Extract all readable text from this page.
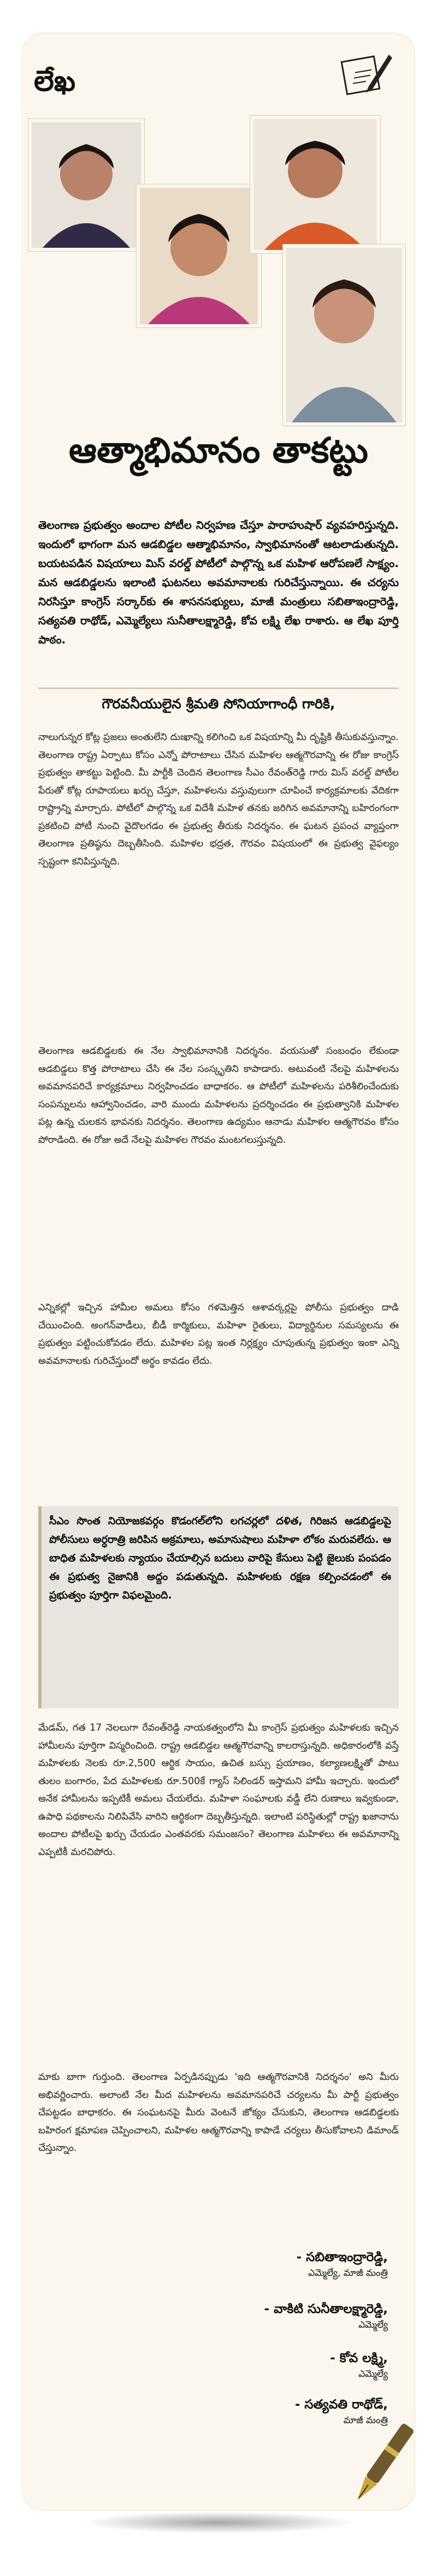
లేఖ
ఆత్మాభిమానం తాకట్టు
తెలంగాణ ప్రభుత్వం అందాల పోటీల నిర్వహణ చేస్తూ పారాహుషార్‌ వ్యవహరిస్తున్నది. ఇందులో భాగంగా మన ఆడబిడ్డల ఆత్మాభిమానం, స్వాభిమానంతో ఆటలాడుతున్నది. బయటపడిన విషయాలు మిస్‌ వరల్డ్‌ పోటీలో పాల్గొన్న ఒక మహిళ ఆరోపణలే సాక్ష్యం. మన ఆడబిడ్డలను ఇలాంటి ఘటనలు అవమానాలకు గురిచేస్తున్నాయి. ఈ చర్యను నిరసిస్తూ కాంగ్రెస్‌ సర్కార్‌కు ఈ శాసనసభ్యులు, మాజీ మంత్రులు సబితాఇంద్రారెడ్డి, సత్యవతి రాథోడ్‌, ఎమ్మెల్యేలు సునీతాలక్ష్మారెడ్డి, కోవ లక్ష్మి లేఖ రాశారు. ఆ లేఖ పూర్తి పాఠం.
గౌరవనీయులైన శ్రీమతి సోనియాగాంధీ గారికి,
నాలుగున్నర కోట్ల ప్రజలు అంతులేని దుఃఖాన్ని కలిగించి ఒక విషయాన్ని మీ దృష్టికి తీసుకువస్తున్నాం. తెలంగాణ రాష్ట్ర ఏర్పాటు కోసం ఎన్నో పోరాటాలు చేసిన మహిళల ఆత్మగౌరవాన్ని ఈ రోజు కాంగ్రెస్‌ ప్రభుత్వం తాకట్టు పెట్టింది. మీ పార్టీకి చెందిన తెలంగాణ సీఎం రేవంత్‌రెడ్డి గారు మిస్‌ వరల్డ్‌ పోటీల పేరుతో కోట్ల రూపాయలు ఖర్చు చేస్తూ, మహిళలను వస్తువులుగా చూపించే కార్యక్రమాలకు వేదికగా రాష్ట్రాన్ని మార్చారు. పోటీలో పాల్గొన్న ఒక విదేశీ మహిళ తనకు జరిగిన అవమానాన్ని బహిరంగంగా ప్రకటించి పోటీ నుంచి వైదొలగడం ఈ ప్రభుత్వ తీరుకు నిదర్శనం. ఈ ఘటన ప్రపంచ వ్యాప్తంగా తెలంగాణ ప్రతిష్ఠను దెబ్బతీసింది. మహిళల భద్రత, గౌరవం విషయంలో ఈ ప్రభుత్వ వైఫల్యం స్పష్టంగా కనిపిస్తున్నది.
తెలంగాణ ఆడబిడ్డలకు ఈ నేల స్వాభిమానానికి నిదర్శనం. వయసుతో సంబంధం లేకుండా ఆడబిడ్డలు కొత్త పోరాటాలు చేసి ఈ నేల సంస్కృతిని కాపాడారు. అటువంటి నేలపై మహిళలను అవమానపరిచే కార్యక్రమాలు నిర్వహించడం బాధాకరం. ఆ పోటీలో మహిళలను పరిశీలించేందుకు సంపన్నులను ఆహ్వానించడం, వారి ముందు మహిళలను ప్రదర్శించడం ఈ ప్రభుత్వానికి మహిళల పట్ల ఉన్న చులకన భావనకు నిదర్శనం. తెలంగాణ ఉద్యమం ఆనాడు మహిళల ఆత్మగౌరవం కోసం పోరాడింది. ఈ రోజు అదే నేలపై మహిళల గౌరవం మంటగలుస్తున్నది.
ఎన్నికల్లో ఇచ్చిన హామీల అమలు కోసం గళమెత్తిన ఆశావర్కర్లపై పోలీసు ప్రభుత్వం దాడి చేయించింది. అంగన్‌వాడీలు, బీడీ కార్మికులు, మహిళా రైతులు, విద్యార్థినుల సమస్యలను ఈ ప్రభుత్వం పట్టించుకోవడం లేదు. మహిళల పట్ల ఇంత నిర్లక్ష్యం చూపుతున్న ప్రభుత్వం ఇంకా ఎన్ని అవమానాలకు గురిచేస్తుందో అర్థం కావడం లేదు.
సీఎం సొంత నియోజకవర్గం కొడంగల్‌లోని లగచర్లలో దళిత, గిరిజన ఆడబిడ్డలపై పోలీసులు అర్ధరాత్రి జరిపిన అక్రమాలు, అమానుషాలు మహిళా లోకం మరువలేదు. ఆ బాధిత మహిళలకు న్యాయం చేయాల్సిన బదులు వారిపై కేసులు పెట్టి జైలుకు పంపడం ఈ ప్రభుత్వ నైజానికి అద్దం పడుతున్నది. మహిళలకు రక్షణ కల్పించడంలో ఈ ప్రభుత్వం పూర్తిగా విఫలమైంది.
మేడమ్‌, గత 17 నెలలుగా రేవంత్‌రెడ్డి నాయకత్వంలోని మీ కాంగ్రెస్‌ ప్రభుత్వం మహిళలకు ఇచ్చిన హామీలను పూర్తిగా విస్మరించింది. రాష్ట్ర ఆడబిడ్డల ఆత్మగౌరవాన్ని కాలరాస్తున్నది. అధికారంలోకి వస్తే మహిళలకు నెలకు రూ.2,500 ఆర్థిక సాయం, ఉచిత బస్సు ప్రయాణం, కల్యాణలక్ష్మితో పాటు తులం బంగారం, పేద మహిళలకు రూ.500కే గ్యాస్‌ సిలిండర్‌ ఇస్తామని హామీ ఇచ్చారు. ఇందులో అనేక హామీలను ఇప్పటికీ అమలు చేయలేదు. మహిళా సంఘాలకు వడ్డీ లేని రుణాలు ఇవ్వకుండా, ఉపాధి పథకాలను నిలిపివేసి వారిని ఆర్థికంగా దెబ్బతీస్తున్నది. ఇలాంటి పరిస్థితుల్లో రాష్ట్ర ఖజానాను అందాల పోటీలపై ఖర్చు చేయడం ఎంతవరకు సమంజసం? తెలంగాణ మహిళలు ఈ అవమానాన్ని ఎప్పటికీ మరచిపోరు.
మాకు బాగా గుర్తుంది. తెలంగాణ ఏర్పడినప్పుడు 'ఇది ఆత్మగౌరవానికి నిదర్శనం' అని మీరు అభివర్ణించారు. అలాంటి నేల మీద మహిళలను అవమానపరిచే చర్యలను మీ పార్టీ ప్రభుత్వం చేపట్టడం బాధాకరం. ఈ సంఘటనపై మీరు వెంటనే జోక్యం చేసుకుని, తెలంగాణ ఆడబిడ్డలకు బహిరంగ క్షమాపణ చెప్పించాలని, మహిళల ఆత్మగౌరవాన్ని కాపాడే చర్యలు తీసుకోవాలని డిమాండ్‌ చేస్తున్నాం.
- సబితాఇంద్రారెడ్డి,
ఎమ్మెల్యే, మాజీ మంత్రి
- వాకిటి సునీతాలక్ష్మారెడ్డి,
ఎమ్మెల్యే
- కోవ లక్ష్మి,
ఎమ్మెల్యే
- సత్యవతి రాథోడ్‌,
మాజీ మంత్రి
